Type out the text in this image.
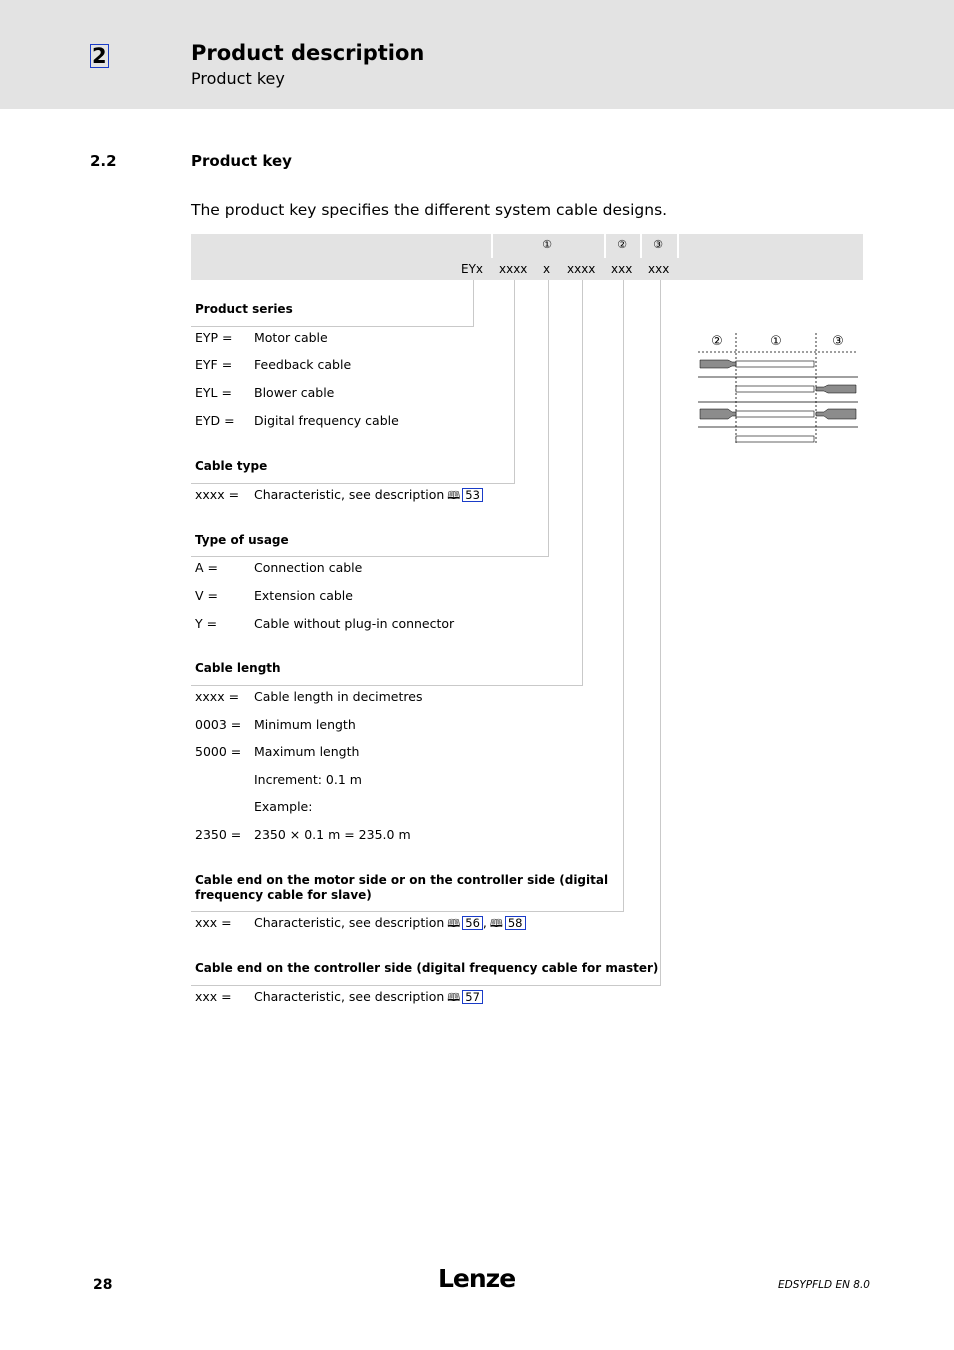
2	Product description
Product key
2.2	Product key
The product key specifies the different system cable designs.
①	②	③
EYx xxxx x xxxx xxx xxx
Product series
EYP = Motor cable
EYF = Feedback cable
EYL = Blower cable
EYD = Digital frequency cable
Cable type
xxxx = Characteristic, see description 🕮 53
Type of usage
A =	Connection cable
V =	Extension cable
Y =	Cable without plug-in connector
Cable length
xxxx = Cable length in decimetres
0003 = Minimum length
5000 = Maximum length
Increment: 0.1 m
Example:
2350 = 2350 × 0.1 m = 235.0 m
Cable end on the motor side or on the controller side (digital frequency cable for slave)
xxx = Characteristic, see description 🕮 56 , 🕮 58
Cable end on the controller side (digital frequency cable for master)
xxx = Characteristic, see description 🕮 57
②	①	③
28	Lenze	EDSYPFLD EN 8.0
